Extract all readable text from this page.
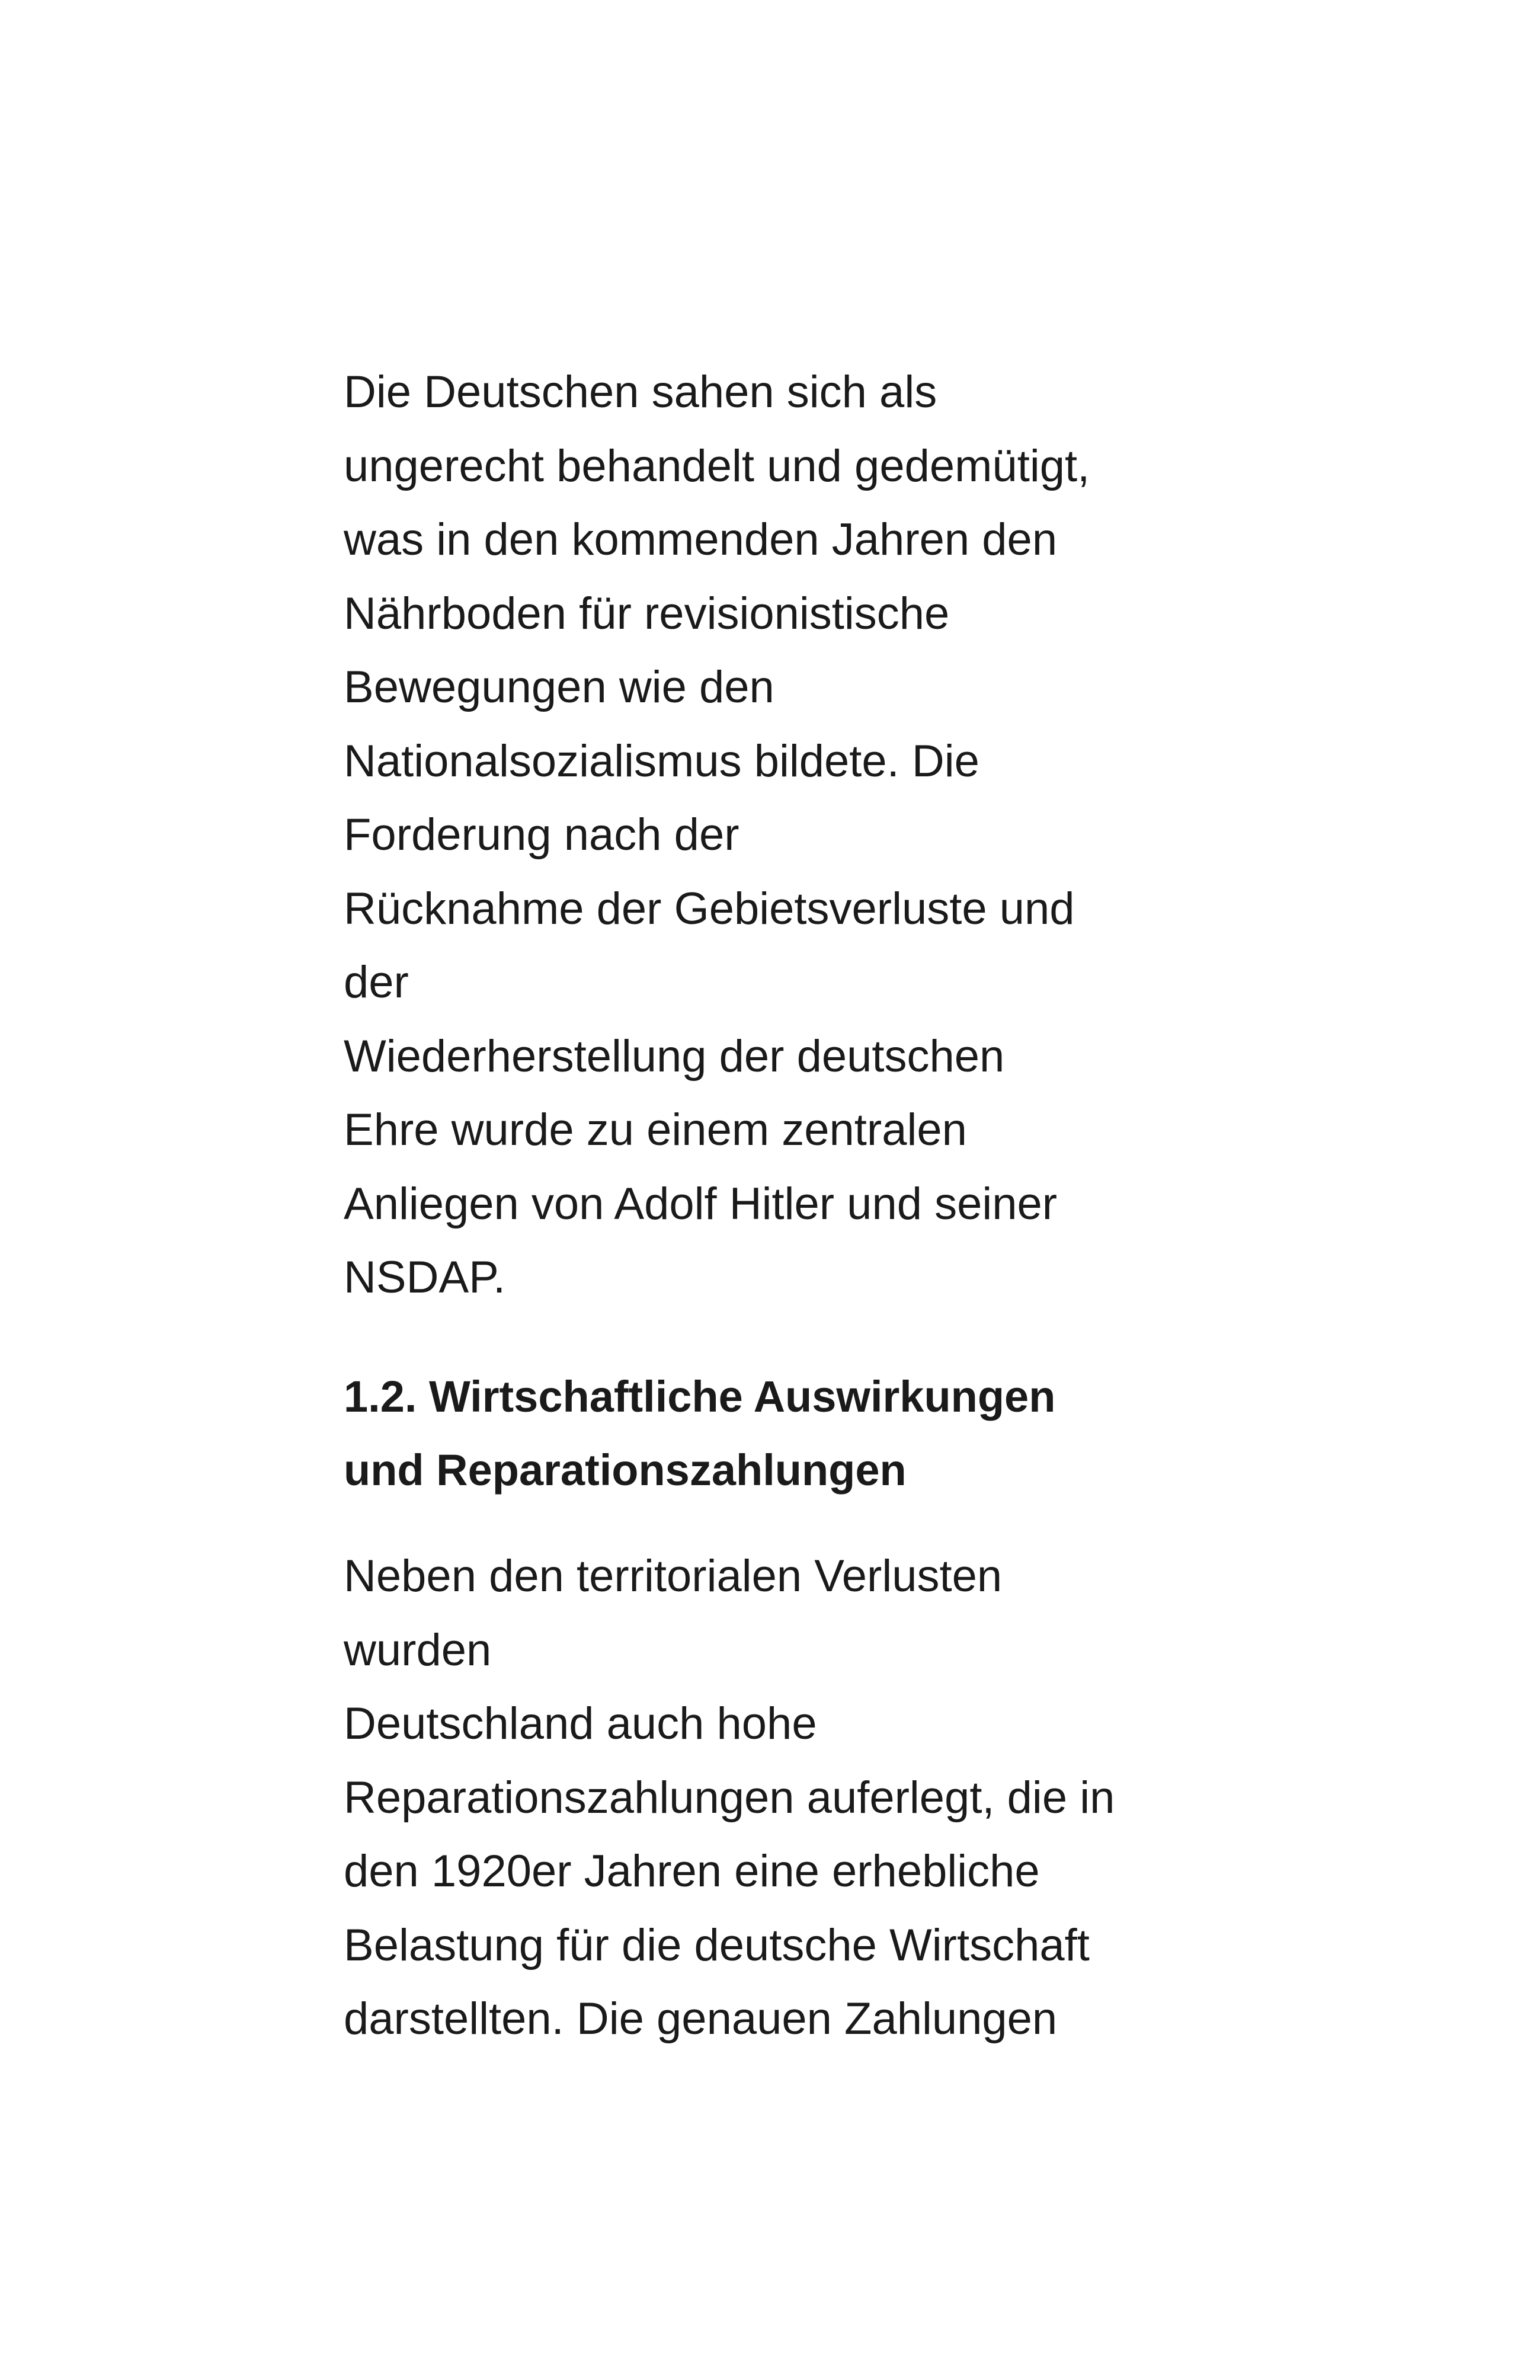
Die Deutschen sahen sich als
ungerecht behandelt und gedemütigt,
was in den kommenden Jahren den
Nährboden für revisionistische
Bewegungen wie den
Nationalsozialismus bildete. Die
Forderung nach der
Rücknahme der Gebietsverluste und
der
Wiederherstellung der deutschen
Ehre wurde zu einem zentralen
Anliegen von Adolf Hitler und seiner
NSDAP.
1.2. Wirtschaftliche Auswirkungen
und Reparationszahlungen
Neben den territorialen Verlusten
wurden
Deutschland auch hohe
Reparationszahlungen auferlegt, die in
den 1920er Jahren eine erhebliche
Belastung für die deutsche Wirtschaft
darstellten. Die genauen Zahlungen
